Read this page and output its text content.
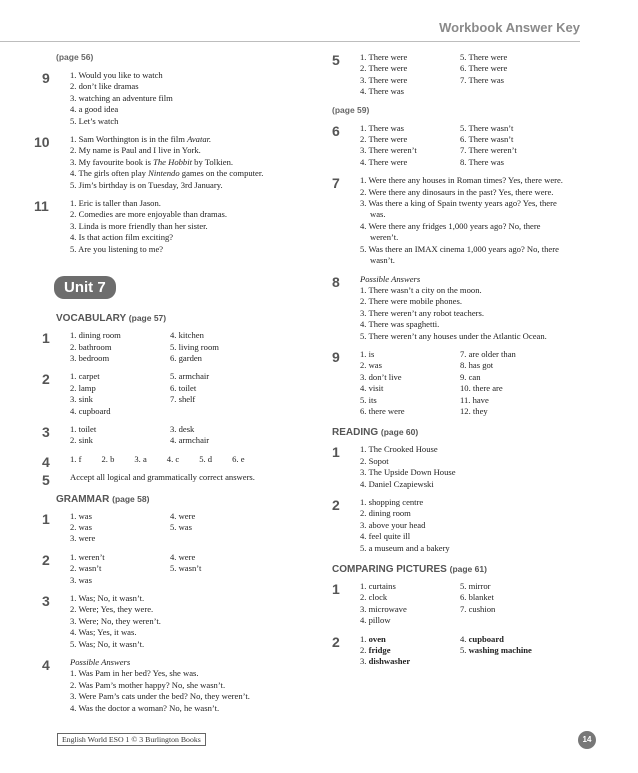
Workbook Answer Key
(page 56)
9 1. Would you like to watch
2. don’t like dramas
3. watching an adventure film
4. a good idea
5. Let’s watch
10 1. Sam Worthington is in the film Avatar.
2. My name is Paul and I live in York.
3. My favourite book is The Hobbit by Tolkien.
4. The girls often play Nintendo games on the computer.
5. Jim’s birthday is on Tuesday, 3rd January.
11 1. Eric is taller than Jason.
2. Comedies are more enjoyable than dramas.
3. Linda is more friendly than her sister.
4. Is that action film exciting?
5. Are you listening to me?
Unit 7
VOCABULARY (page 57)
1 1. dining room
2. bathroom
3. bedroom
4. kitchen
5. living room
6. garden
2 1. carpet
2. lamp
3. sink
4. cupboard
5. armchair
6. toilet
7. shelf
3 1. toilet
2. sink
3. desk
4. armchair
4 1. f 2. b 3. a 4. c 5. d 6. e
5 Accept all logical and grammatically correct answers.
GRAMMAR (page 58)
1 1. was
2. was
3. were
4. were
5. was
2 1. weren’t
2. wasn’t
3. was
4. were
5. wasn’t
3 1. Was; No, it wasn’t.
2. Were; Yes, they were.
3. Were; No, they weren’t.
4. Was; Yes, it was.
5. Was; No, it wasn’t.
4 Possible Answers
1. Was Pam in her bed? Yes, she was.
2. Was Pam’s mother happy? No, she wasn’t.
3. Were Pam’s cats under the bed? No, they weren’t.
4. Was the doctor a woman? No, he wasn’t.
5 1. There were
2. There were
3. There were
4. There was
5. There were
6. There were
7. There was
(page 59)
6 1. There was
2. There were
3. There weren’t
4. There were
5. There wasn’t
6. There wasn’t
7. There weren’t
8. There was
7 1. Were there any houses in Roman times? Yes, there were.
2. Were there any dinosaurs in the past? Yes, there were.
3. Was there a king of Spain twenty years ago? Yes, there
was.
4. Were there any fridges 1,000 years ago? No, there
weren’t.
5. Was there an IMAX cinema 1,000 years ago? No, there
wasn’t.
8 Possible Answers
1. There wasn’t a city on the moon.
2. There were mobile phones.
3. There weren’t any robot teachers.
4. There was spaghetti.
5. There weren’t any houses under the Atlantic Ocean.
9 1. is
2. was
3. don’t live
4. visit
5. its
6. there were
7. are older than
8. has got
9. can
10. there are
11. have
12. they
READING (page 60)
1 1. The Crooked House
2. Sopot
3. The Upside Down House
4. Daniel Czapiewski
2 1. shopping centre
2. dining room
3. above your head
4. feel quite ill
5. a museum and a bakery
COMPARING PICTURES (page 61)
1 1. curtains
2. clock
3. microwave
4. pillow
5. mirror
6. blanket
7. cushion
2 1. oven
2. fridge
3. dishwasher
4. cupboard
5. washing machine
English World ESO 1 © 3 Burlington Books	14
